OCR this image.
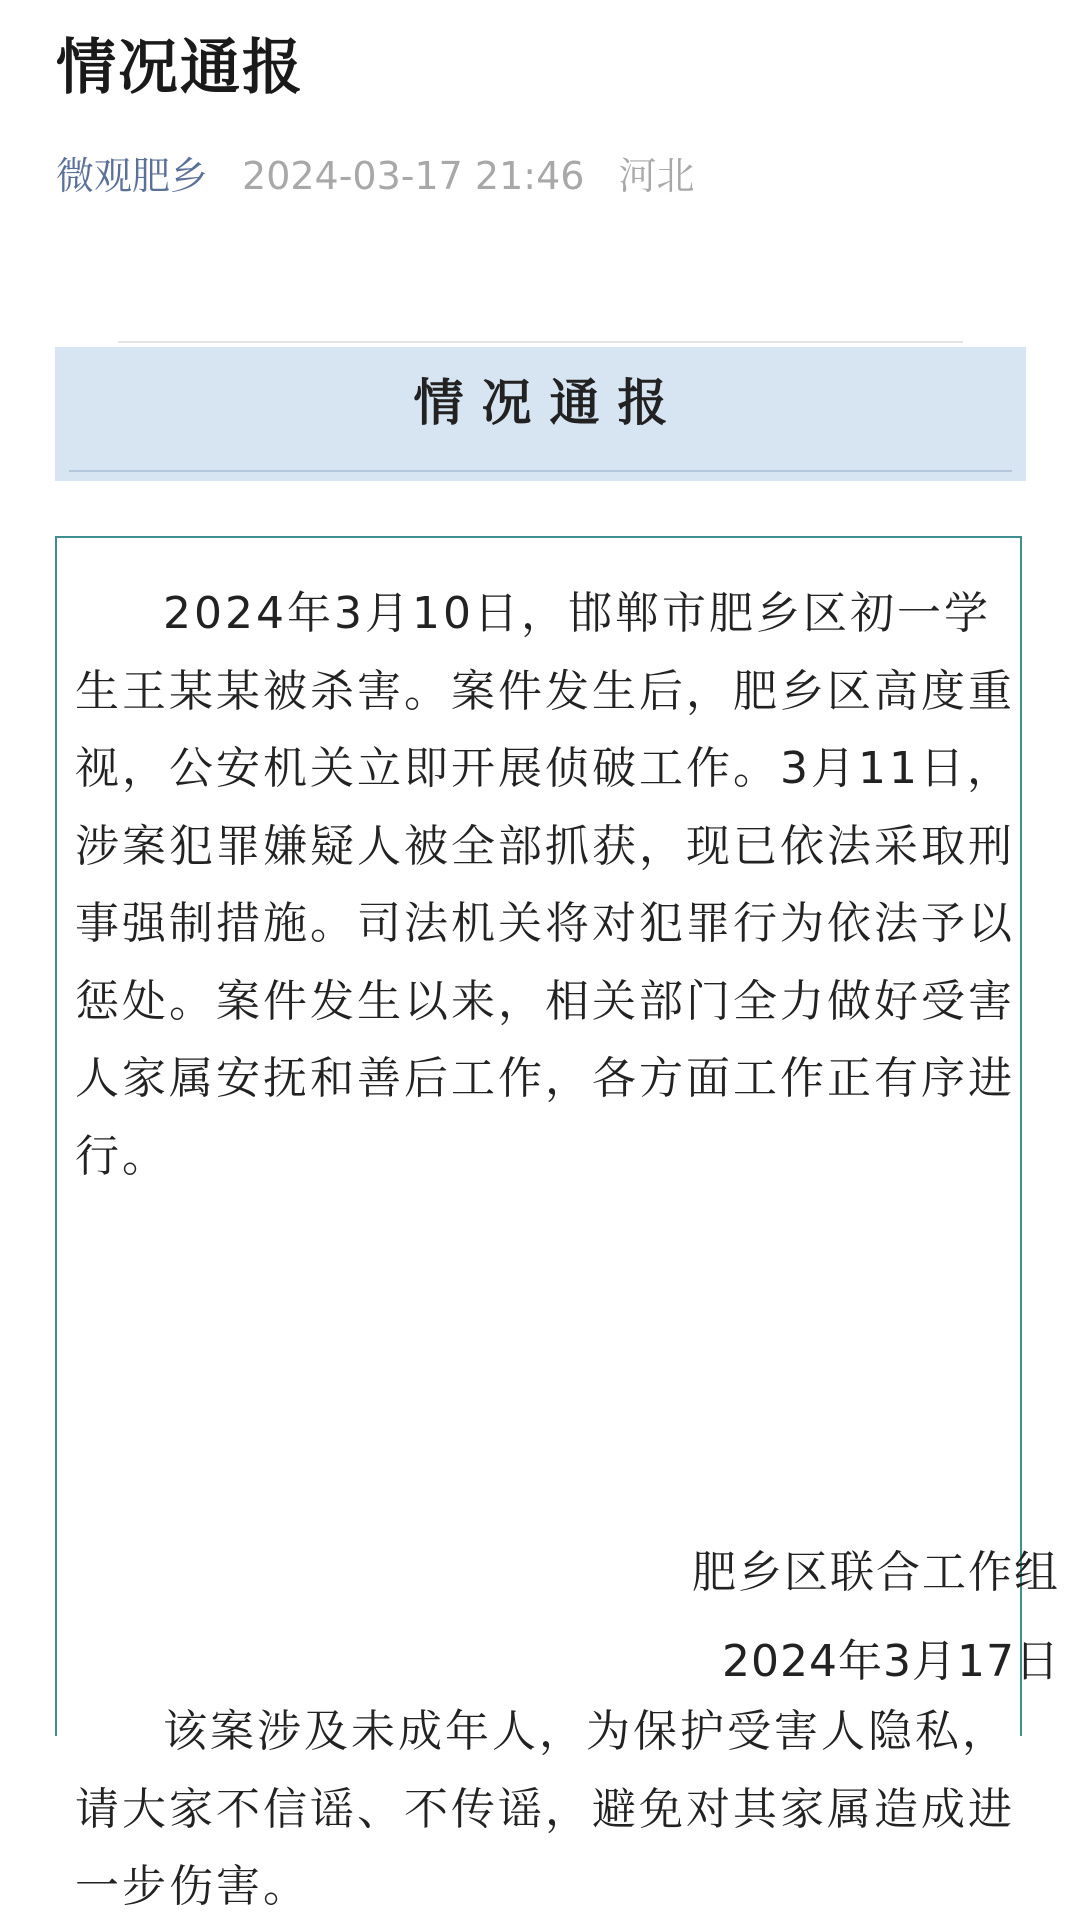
情况通报
微观肥乡 2024-03-17 21:46 河北
情况通报

2024年3月10日，邯郸市肥乡区初一学生王某某被杀害。案件发生后，肥乡区高度重视，公安机关立即开展侦破工作。3月11日，涉案犯罪嫌疑人被全部抓获，现已依法采取刑事强制措施。司法机关将对犯罪行为依法予以惩处。案件发生以来，相关部门全力做好受害人家属安抚和善后工作，各方面工作正有序进行。

该案涉及未成年人，为保护受害人隐私，请大家不信谣、不传谣，避免对其家属造成进一步伤害。

肥乡区联合工作组
2024年3月17日
